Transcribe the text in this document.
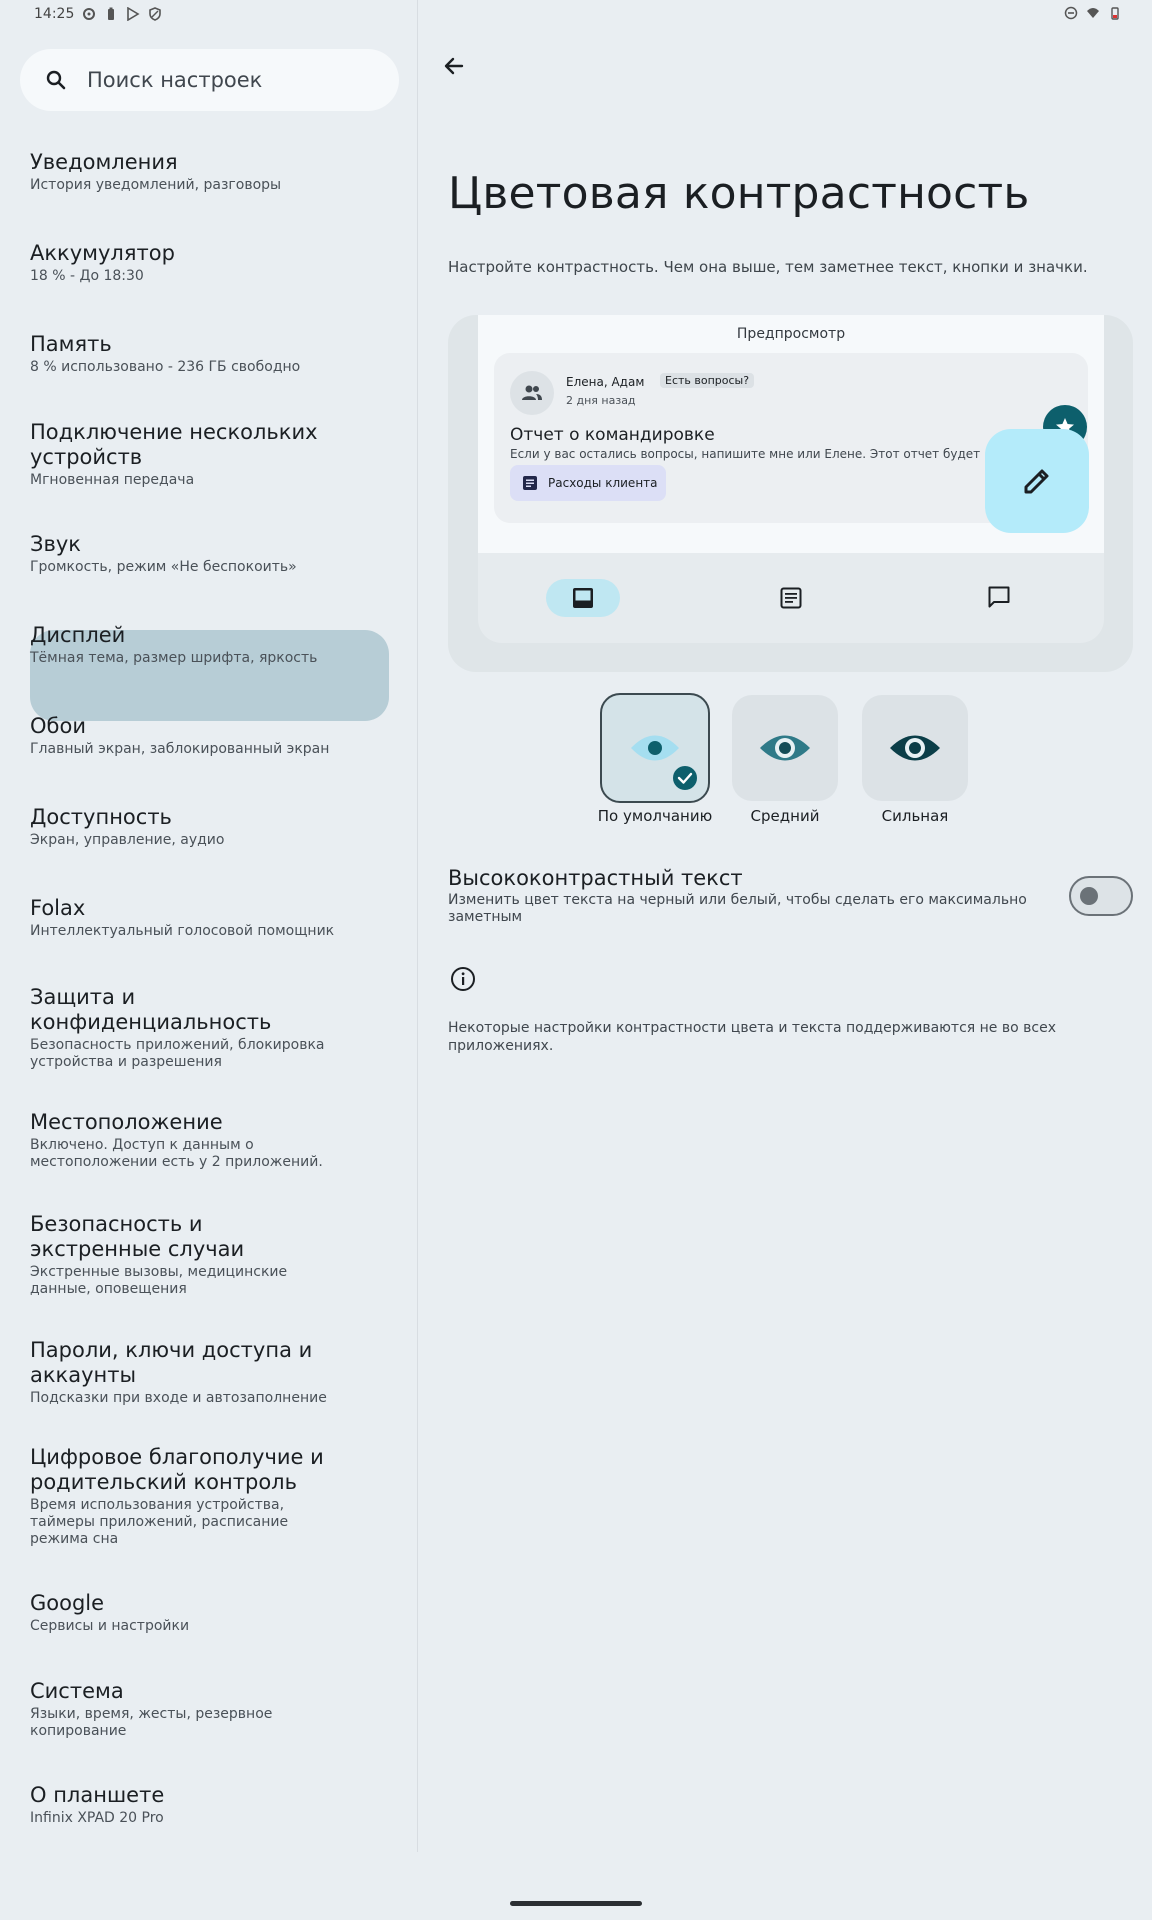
14:25
Поиск настроек
Уведомления
История уведомлений, разговоры
Аккумулятор
18 % - До 18:30
Память
8 % использовано - 236 ГБ свободно
Подключение нескольких устройств
Мгновенная передача
Звук
Громкость, режим «Не беспокоить»
Дисплей
Тёмная тема, размер шрифта, яркость
Обои
Главный экран, заблокированный экран
Доступность
Экран, управление, аудио
Folax
Интеллектуальный голосовой помощник
Защита и конфиденциальность
Безопасность приложений, блокировка устройства и разрешения
Местоположение
Включено. Доступ к данным о местоположении есть у 2 приложений.
Безопасность и экстренные случаи
Экстренные вызовы, медицинские данные, оповещения
Пароли, ключи доступа и аккаунты
Подсказки при входе и автозаполнение
Цифровое благополучие и родительский контроль
Время использования устройства, таймеры приложений, расписание режима сна
Google
Сервисы и настройки
Система
Языки, время, жесты, резервное копирование
О планшете
Infinix XPAD 20 Pro
Цветовая контрастность
Настройте контрастность. Чем она выше, тем заметнее текст, кнопки и значки.
Предпросмотр
Елена, Адам	Есть вопросы?
2 дня назад
Отчет о командировке
Если у вас остались вопросы, напишите мне или Елене. Этот отчет будет
Расходы клиента
По умолчанию	Средний	Сильная
Высококонтрастный текст
Изменить цвет текста на черный или белый, чтобы сделать его максимально заметным
Некоторые настройки контрастности цвета и текста поддерживаются не во всех приложениях.
